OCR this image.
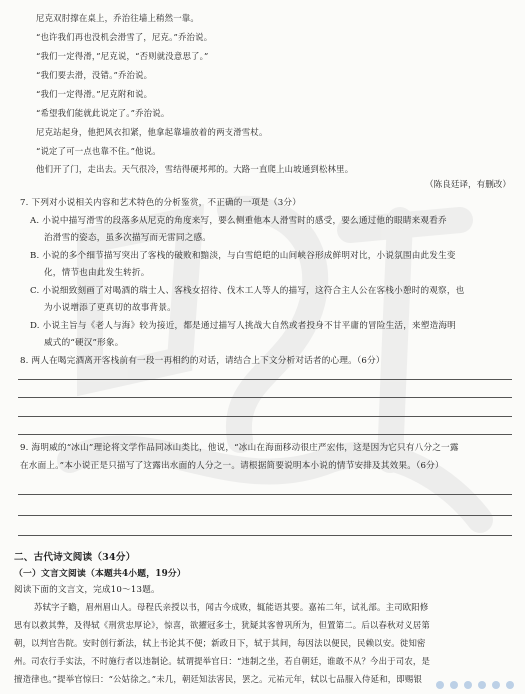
尼克双肘撑在桌上，乔治往墙上稍然一靠。
“也许我们再也没机会滑雪了，尼克。”乔治说。
“我们一定得滑，”尼克说，“否则就没意思了。”
“我们要去滑，没错。”乔治说。
“我们一定得滑。”尼克附和说。
“希望我们能就此说定了。”乔治说。
尼克站起身，他把风衣扣紧，他拿起靠墙放着的两支滑雪杖。
“说定了可一点也靠不住。”他说。
他们开了门，走出去。天气很冷，雪结得硬邦邦的。大路一直爬上山坡通到松林里。
（陈良廷译，有删改）
7. 下列对小说相关内容和艺术特色的分析鉴赏，不正确的一项是（3分）
A. 小说中描写滑雪的段落多从尼克的角度来写，要么侧重他本人滑雪时的感受，要么通过他的眼睛来观看乔
治滑雪的姿态，虽多次描写而无雷同之感。
B. 小说的多个细节描写突出了客栈的破败和黯淡，与白雪皑皑的山间峡谷形成鲜明对比，小说氛围由此发生变
化，情节也由此发生转折。
C. 小说细致刻画了对喝酒的瑞士人、客栈女招待、伐木工人等人的描写，这符合主人公在客栈小憩时的观察，也
为小说增添了更真切的故事背景。
D. 小说主旨与《老人与海》较为接近，都是通过描写人挑战大自然或者投身不甘平庸的冒险生活，来塑造海明
威式的“硬汉”形象。
8. 两人在喝完酒离开客栈前有一段一再相约的对话，请结合上下文分析对话者的心理。（6分）
9. 海明威的“冰山”理论将文学作品同冰山类比，他说，“冰山在海面移动很庄严宏伟，这是因为它只有八分之一露
在水面上。”本小说正是只描写了这露出水面的人分之一。请根据简要说明本小说的情节安排及其效果。（6分）
二、古代诗文阅读（34分）
（一）文言文阅读（本题共4小题，19分）
阅读下面的文言文，完成10～13题。
苏轼字子瞻，眉州眉山人。母程氏亲授以书，闻古今成败，辄能语其要。嘉祐二年，试礼部。主司欧阳修
思有以救其弊，及得轼《刑赏忠厚论》，惊喜，欲擢冠多士，犹疑其客曾巩所为，但置第二。后以春秋对义居第
朝，以判官告院。安时创行新法，轼上书论其不便；新政日下，轼于其间，每因法以便民，民赖以安。徙知密
州。司农行手实法，不时施行者以违制论。轼谓提举官曰：“违制之坐，若自朝廷，谁敢不从？今出于司农，是
擅造律也。”提举官惊曰：“公姑徐之。”未几，朝廷知法害民，罢之。元祐元年，轼以七品服入侍延和，即赐银
